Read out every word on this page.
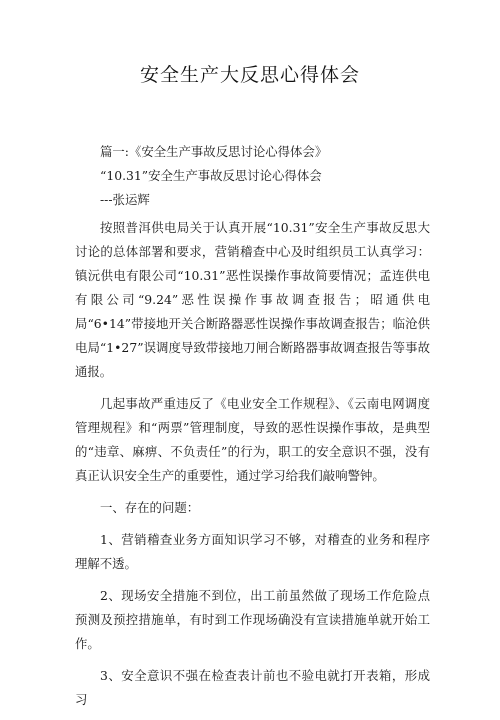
安全生产大反思心得体会

篇一:《安全生产事故反思讨论心得体会》

“10.31”安全生产事故反思讨论心得体会

---张运辉

按照普洱供电局关于认真开展“10.31”安全生产事故反思大讨论的总体部署和要求，营销稽查中心及时组织员工认真学习：镇沅供电有限公司“10.31”恶性误操作事故简要情况；孟连供电有限公司“9.24”恶性误操作事故调查报告；昭通供电局“6•14”带接地开关合断路器恶性误操作事故调查报告；临沧供电局“1•27”误调度导致带接地刀闸合断路器事故调查报告等事故通报。

几起事故严重违反了《电业安全工作规程》、《云南电网调度管理规程》和“两票”管理制度，导致的恶性误操作事故，是典型的“违章、麻痹、不负责任”的行为，职工的安全意识不强，没有真正认识安全生产的重要性，通过学习给我们敲响警钟。

一、存在的问题：

1、营销稽查业务方面知识学习不够，对稽查的业务和程序理解不透。

2、现场安全措施不到位，出工前虽然做了现场工作危险点预测及预控措施单，有时到工作现场确没有宣读措施单就开始工作。

3、安全意识不强在检查表计前也不验电就打开表箱，形成习
